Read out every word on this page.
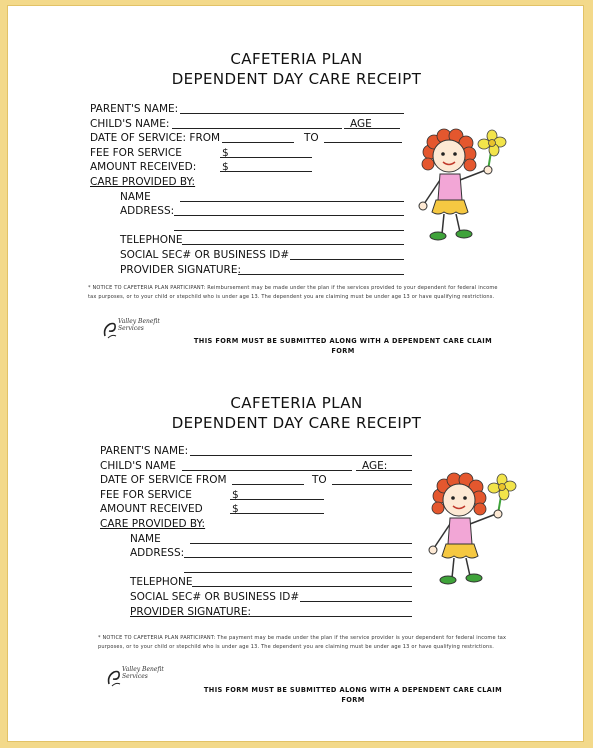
CAFETERIA PLAN
DEPENDENT DAY CARE RECEIPT
PARENT'S NAME:
CHILD'S NAME:	AGE
DATE OF SERVICE: FROM	TO
FEE FOR SERVICE	$
AMOUNT RECEIVED: $
CARE PROVIDED BY:
NAME
ADDRESS:
TELEPHONE
SOCIAL SEC# OR BUSINESS ID#
PROVIDER SIGNATURE:
* NOTICE TO CAFETERIA PLAN PARTICIPANT: Reimbursement may be made under the plan if the services provided to your dependent for federal income tax purposes, or to your child or stepchild who is under age 13. The dependent you are claiming must be under age 13 or have qualifying restrictions.
Valley Benefit Services
THIS FORM MUST BE SUBMITTED ALONG WITH A DEPENDENT CARE CLAIM
FORM
CAFETERIA PLAN
DEPENDENT DAY CARE RECEIPT
PARENT'S NAME:
CHILD'S NAME	AGE:
DATE OF SERVICE FROM	TO
FEE FOR SERVICE	$
AMOUNT RECEIVED	$
CARE PROVIDED BY:
NAME
ADDRESS:
TELEPHONE
SOCIAL SEC# OR BUSINESS ID#
PROVIDER SIGNATURE:
* NOTICE TO CAFETERIA PLAN PARTICIPANT: The payment may be made under the plan if the service provider is your dependent for federal income tax purposes, or to your child or stepchild who is under age 13. The dependent you are claiming must be under age 13 or have qualifying restrictions.
Valley Benefit Services
THIS FORM MUST BE SUBMITTED ALONG WITH A DEPENDENT CARE CLAIM
FORM
